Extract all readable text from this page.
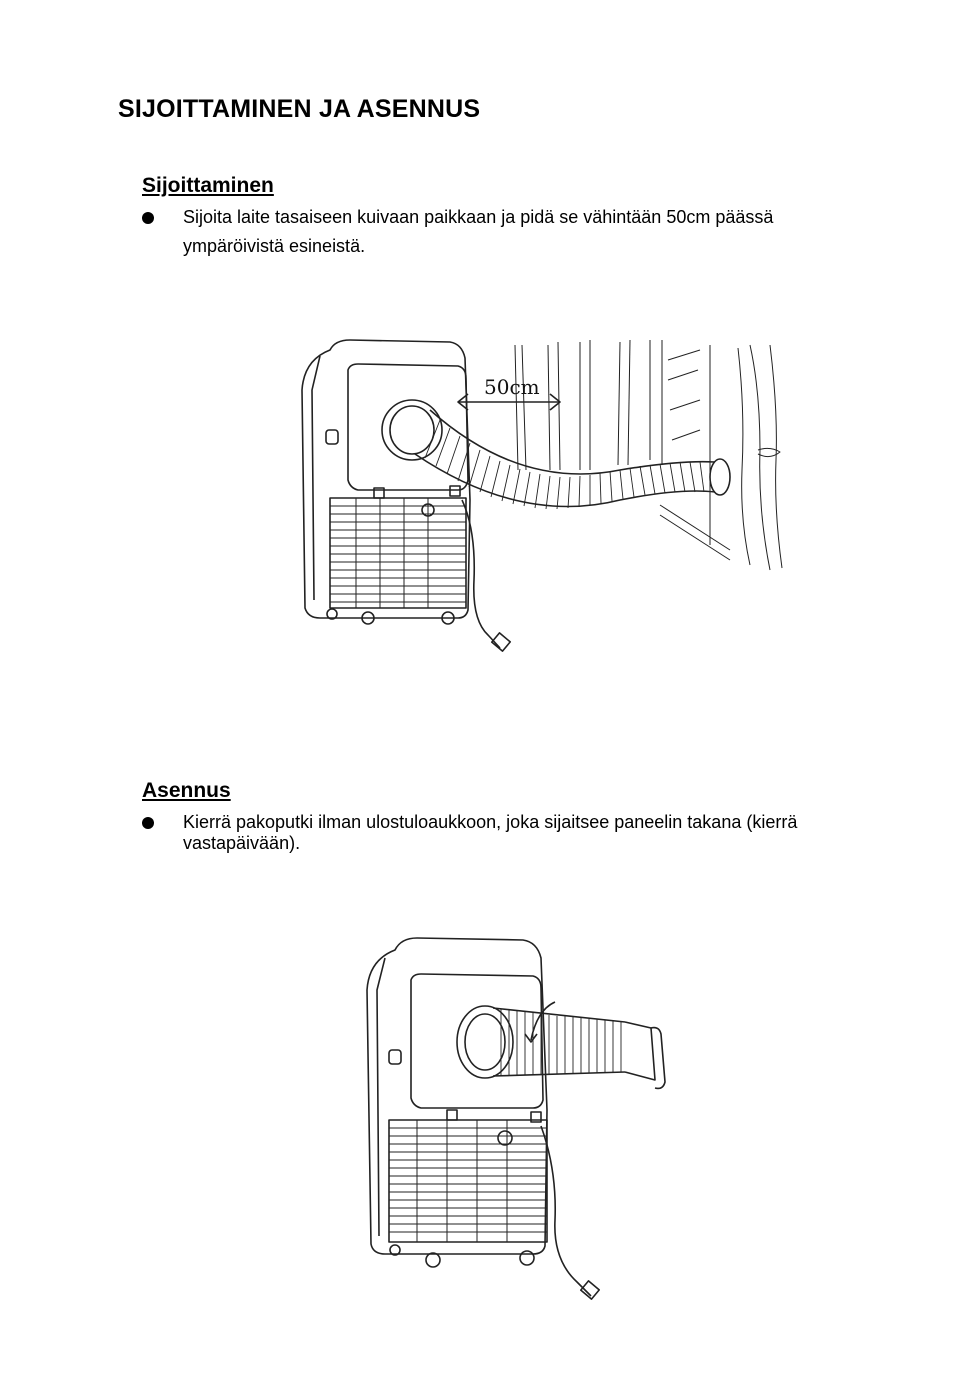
SIJOITTAMINEN JA ASENNUS
Sijoittaminen
Sijoita laite tasaiseen kuivaan paikkaan ja pidä se vähintään 50cm päässä
ympäröivistä esineistä.
50cm
Asennus
Kierrä pakoputki ilman ulostuloaukkoon, joka sijaitsee paneelin takana (kierrä
vastapäivään).
